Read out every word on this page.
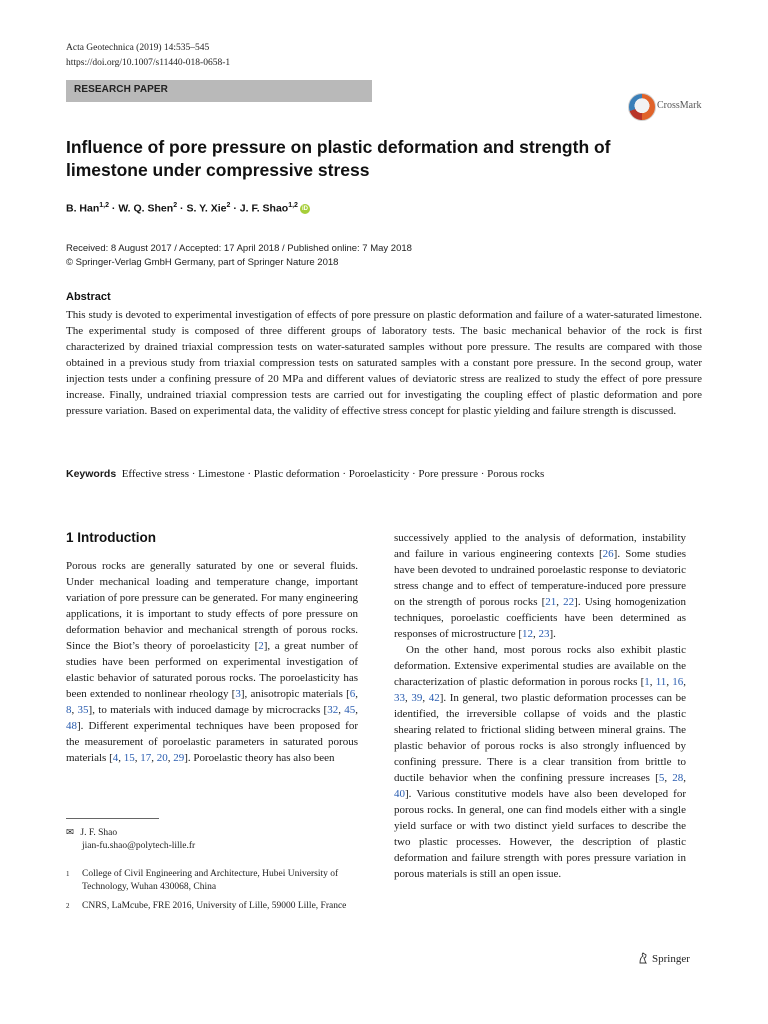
Acta Geotechnica (2019) 14:535–545
https://doi.org/10.1007/s11440-018-0658-1
RESEARCH PAPER
CrossMark
Influence of pore pressure on plastic deformation and strength of limestone under compressive stress
B. Han$^{1,2}$ · W. Q. Shen$^2$ · S. Y. Xie$^2$ · J. F. Shao$^{1,2}$ iD
Received: 8 August 2017 / Accepted: 17 April 2018 / Published online: 7 May 2018
© Springer-Verlag GmbH Germany, part of Springer Nature 2018
Abstract
This study is devoted to experimental investigation of effects of pore pressure on plastic deformation and failure of a water-saturated limestone. The experimental study is composed of three different groups of laboratory tests. The basic mechanical behavior of the rock is first characterized by drained triaxial compression tests on water-saturated samples without pore pressure. The results are compared with those obtained in a previous study from triaxial compression tests on saturated samples with a constant pore pressure. In the second group, water injection tests under a confining pressure of 20 MPa and different values of deviatoric stress are realized to study the effect of pore pressure increase. Finally, undrained triaxial compression tests are carried out for investigating the coupling effect of plastic deformation and pore pressure variation. Based on experimental data, the validity of effective stress concept for plastic yielding and failure strength is discussed.
Keywords Effective stress · Limestone · Plastic deformation · Poroelasticity · Pore pressure · Porous rocks
1 Introduction

Porous rocks are generally saturated by one or several fluids. Under mechanical loading and temperature change, important variation of pore pressure can be generated. For many engineering applications, it is important to study effects of pore pressure on deformation behavior and mechanical strength of porous rocks. Since the Biot’s theory of poroelasticity [2], a great number of studies have been performed on experimental investigation of elastic behavior of saturated porous rocks. The poroelasticity has been extended to nonlinear rheology [3], anisotropic materials [6, 8, 35], to materials with induced damage by microcracks [32, 45, 48]. Different experimental techniques have been proposed for the measurement of poroelastic parameters in saturated porous materials [4, 15, 17, 20, 29]. Poroelastic theory has also been

successively applied to the analysis of deformation, instability and failure in various engineering contexts [26]. Some studies have been devoted to undrained poroelastic response to deviatoric stress change and to effect of temperature-induced pore pressure on the strength of porous rocks [21, 22]. Using homogenization techniques, poroelastic coefficients have been determined as responses of microstructure [12, 23].

On the other hand, most porous rocks also exhibit plastic deformation. Extensive experimental studies are available on the characterization of plastic deformation in porous rocks [1, 11, 16, 33, 39, 42]. In general, two plastic deformation processes can be identified, the irreversible collapse of voids and the plastic shearing related to frictional sliding between mineral grains. The plastic behavior of porous rocks is also strongly influenced by confining pressure. There is a clear transition from brittle to ductile behavior when the confining pressure increases [5, 28, 40]. Various constitutive models have also been developed for porous rocks. In general, one can find models either with a single yield surface or with two distinct yield surfaces to describe the two plastic processes. However, the description of plastic deformation and failure strength with pores pressure variation in porous materials is still an open issue.

✉ J. F. Shao
jian-fu.shao@polytech-lille.fr
1 College of Civil Engineering and Architecture, Hubei University of Technology, Wuhan 430068, China
2 CNRS, LaMcube, FRE 2016, University of Lille, 59000 Lille, France
Springer
